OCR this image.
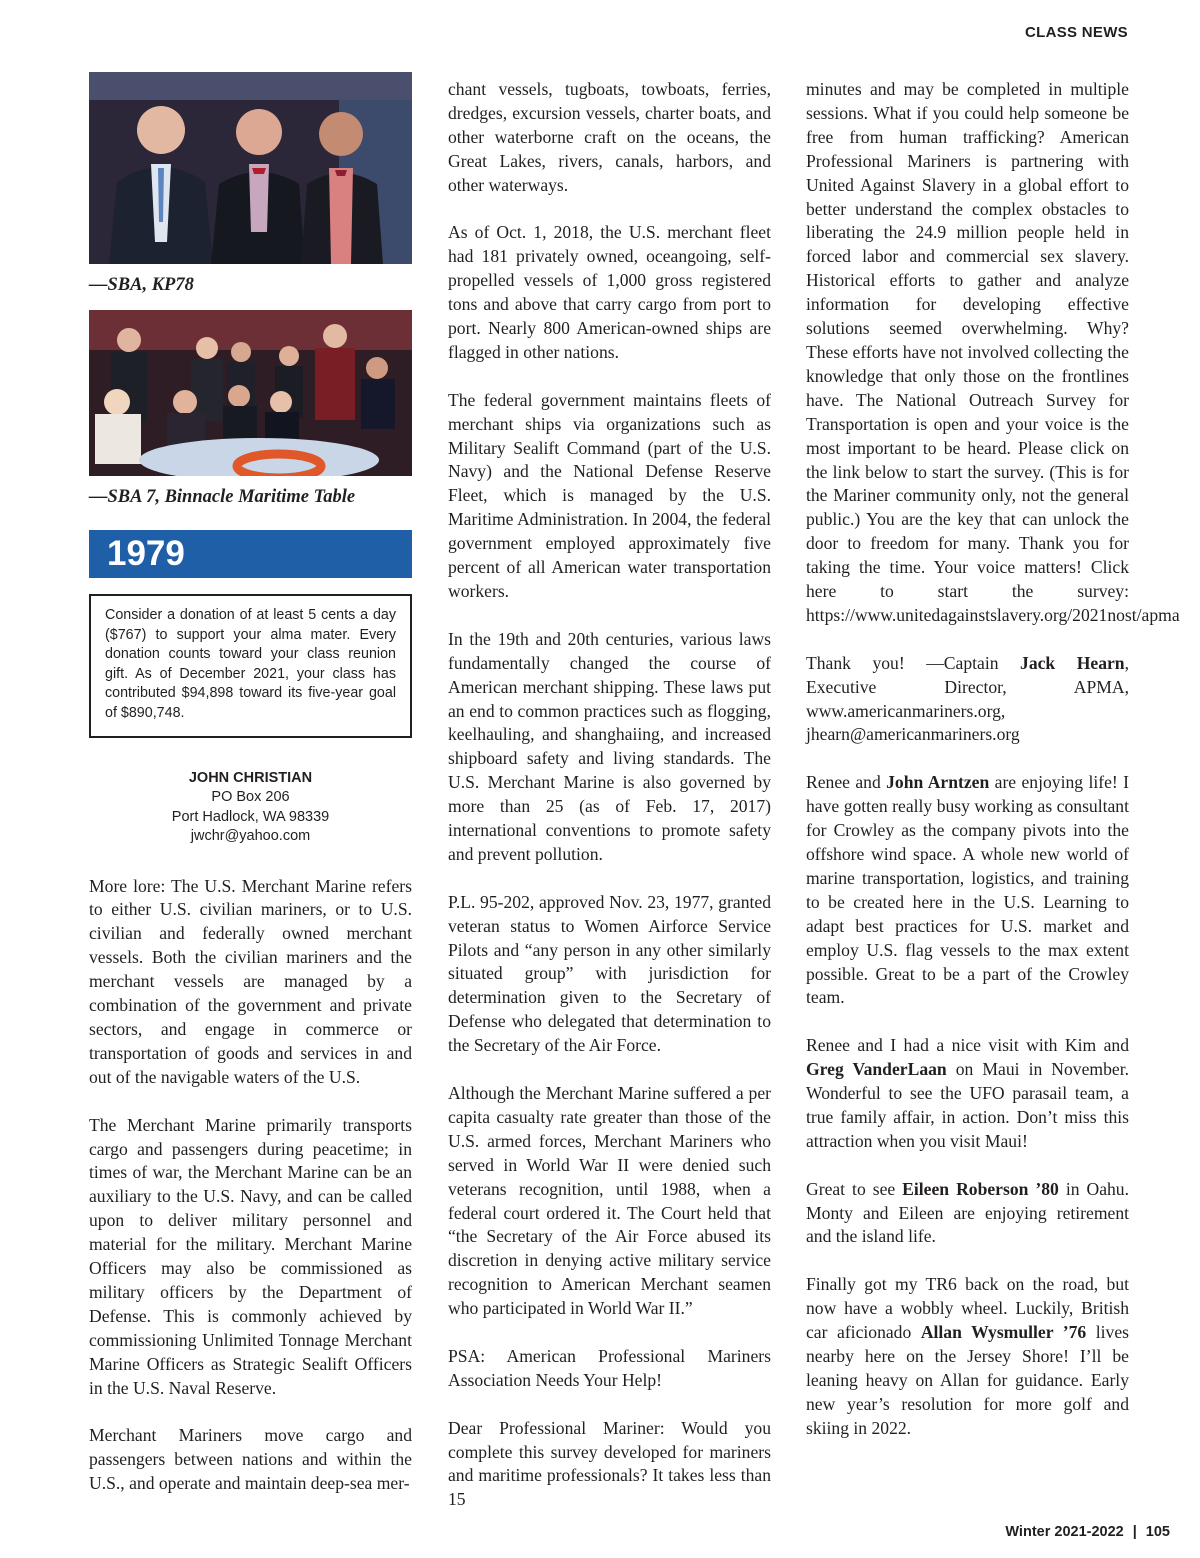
CLASS NEWS
—SBA, KP78
—SBA 7, Binnacle Maritime Table
1979
Consider a donation of at least 5 cents a day ($767) to support your alma mater. Every donation counts toward your class reunion gift. As of December 2021, your class has contributed $94,898 toward its five-year goal of $890,748.
JOHN CHRISTIAN
PO Box 206
Port Hadlock, WA 98339
jwchr@yahoo.com

More lore: The U.S. Merchant Marine refers to either U.S. civilian mariners, or to U.S. civilian and federally owned merchant vessels. Both the civilian mariners and the merchant vessels are managed by a combination of the government and private sectors, and engage in commerce or transportation of goods and services in and out of the navigable waters of the U.S.

The Merchant Marine primarily transports cargo and passengers during peacetime; in times of war, the Merchant Marine can be an auxiliary to the U.S. Navy, and can be called upon to deliver military personnel and material for the military. Merchant Marine Officers may also be commissioned as military officers by the Department of Defense. This is commonly achieved by commissioning Unlimited Tonnage Merchant Marine Officers as Strategic Sealift Officers in the U.S. Naval Reserve.

Merchant Mariners move cargo and passengers between nations and within the U.S., and operate and maintain deep-sea mer-

chant vessels, tugboats, towboats, ferries, dredges, excursion vessels, charter boats, and other waterborne craft on the oceans, the Great Lakes, rivers, canals, harbors, and other waterways.

As of Oct. 1, 2018, the U.S. merchant fleet had 181 privately owned, oceangoing, self-propelled vessels of 1,000 gross registered tons and above that carry cargo from port to port. Nearly 800 American-owned ships are flagged in other nations.

The federal government maintains fleets of merchant ships via organizations such as Military Sealift Command (part of the U.S. Navy) and the National Defense Reserve Fleet, which is managed by the U.S. Maritime Administration. In 2004, the federal government employed approximately five percent of all American water transportation workers.

In the 19th and 20th centuries, various laws fundamentally changed the course of American merchant shipping. These laws put an end to common practices such as flogging, keelhauling, and shanghaiing, and increased shipboard safety and living standards. The U.S. Merchant Marine is also governed by more than 25 (as of Feb. 17, 2017) international conventions to promote safety and prevent pollution.

P.L. 95-202, approved Nov. 23, 1977, granted veteran status to Women Airforce Service Pilots and “any person in any other similarly situated group” with jurisdiction for determination given to the Secretary of Defense who delegated that determination to the Secretary of the Air Force.

Although the Merchant Marine suffered a per capita casualty rate greater than those of the U.S. armed forces, Merchant Mariners who served in World War II were denied such veterans recognition, until 1988, when a federal court ordered it. The Court held that “the Secretary of the Air Force abused its discretion in denying active military service recognition to American Merchant seamen who participated in World War II.”

PSA: American Professional Mariners Association Needs Your Help!

Dear Professional Mariner: Would you complete this survey developed for mariners and maritime professionals? It takes less than 15

minutes and may be completed in multiple sessions. What if you could help someone be free from human trafficking? American Professional Mariners is partnering with United Against Slavery in a global effort to better understand the complex obstacles to liberating the 24.9 million people held in forced labor and commercial sex slavery. Historical efforts to gather and analyze information for developing effective solutions seemed overwhelming. Why? These efforts have not involved collecting the knowledge that only those on the frontlines have. The National Outreach Survey for Transportation is open and your voice is the most important to be heard. Please click on the link below to start the survey. (This is for the Mariner community only, not the general public.) You are the key that can unlock the door to freedom for many. Thank you for taking the time. Your voice matters! Click here to start the survey: https://www.unitedagainstslavery.org/2021nost/apma

Thank you! —Captain Jack Hearn, Executive Director, APMA, www.americanmariners.org, jhearn@americanmariners.org

Renee and John Arntzen are enjoying life! I have gotten really busy working as consultant for Crowley as the company pivots into the offshore wind space. A whole new world of marine transportation, logistics, and training to be created here in the U.S. Learning to adapt best practices for U.S. market and employ U.S. flag vessels to the max extent possible. Great to be a part of the Crowley team.

Renee and I had a nice visit with Kim and Greg VanderLaan on Maui in November. Wonderful to see the UFO parasail team, a true family affair, in action. Don’t miss this attraction when you visit Maui!

Great to see Eileen Roberson ’80 in Oahu. Monty and Eileen are enjoying retirement and the island life.

Finally got my TR6 back on the road, but now have a wobbly wheel. Luckily, British car aficionado Allan Wysmuller ’76 lives nearby here on the Jersey Shore! I’ll be leaning heavy on Allan for guidance. Early new year’s resolution for more golf and skiing in 2022.

Winter 2021-2022 | 105
